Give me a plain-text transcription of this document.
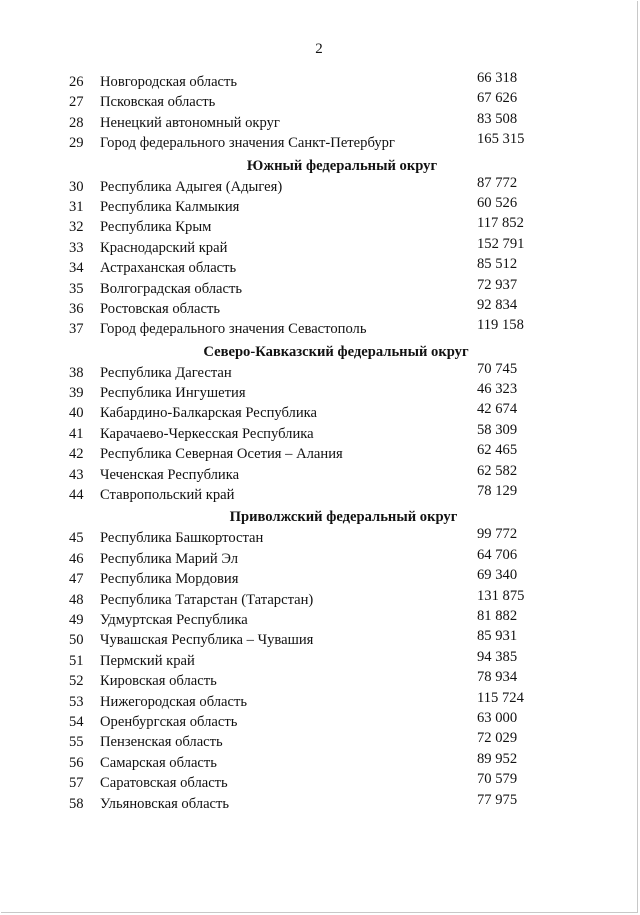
2
26 Новгородская область	66 318
27 Псковская область	67 626
28 Ненецкий автономный округ	83 508
29 Город федерального значения Санкт-Петербург	165 315
Южный федеральный округ
30 Республика Адыгея (Адыгея)	87 772
31 Республика Калмыкия	60 526
32 Республика Крым	117 852
33 Краснодарский край	152 791
34 Астраханская область	85 512
35 Волгоградская область	72 937
36 Ростовская область	92 834
37 Город федерального значения Севастополь	119 158
Северо-Кавказский федеральный округ
38 Республика Дагестан	70 745
39 Республика Ингушетия	46 323
40 Кабардино-Балкарская Республика	42 674
41 Карачаево-Черкесская Республика	58 309
42 Республика Северная Осетия – Алания	62 465
43 Чеченская Республика	62 582
44 Ставропольский край	78 129
Приволжский федеральный округ
45 Республика Башкортостан	99 772
46 Республика Марий Эл	64 706
47 Республика Мордовия	69 340
48 Республика Татарстан (Татарстан)	131 875
49 Удмуртская Республика	81 882
50 Чувашская Республика – Чувашия	85 931
51 Пермский край	94 385
52 Кировская область	78 934
53 Нижегородская область	115 724
54 Оренбургская область	63 000
55 Пензенская область	72 029
56 Самарская область	89 952
57 Саратовская область	70 579
58 Ульяновская область	77 975
